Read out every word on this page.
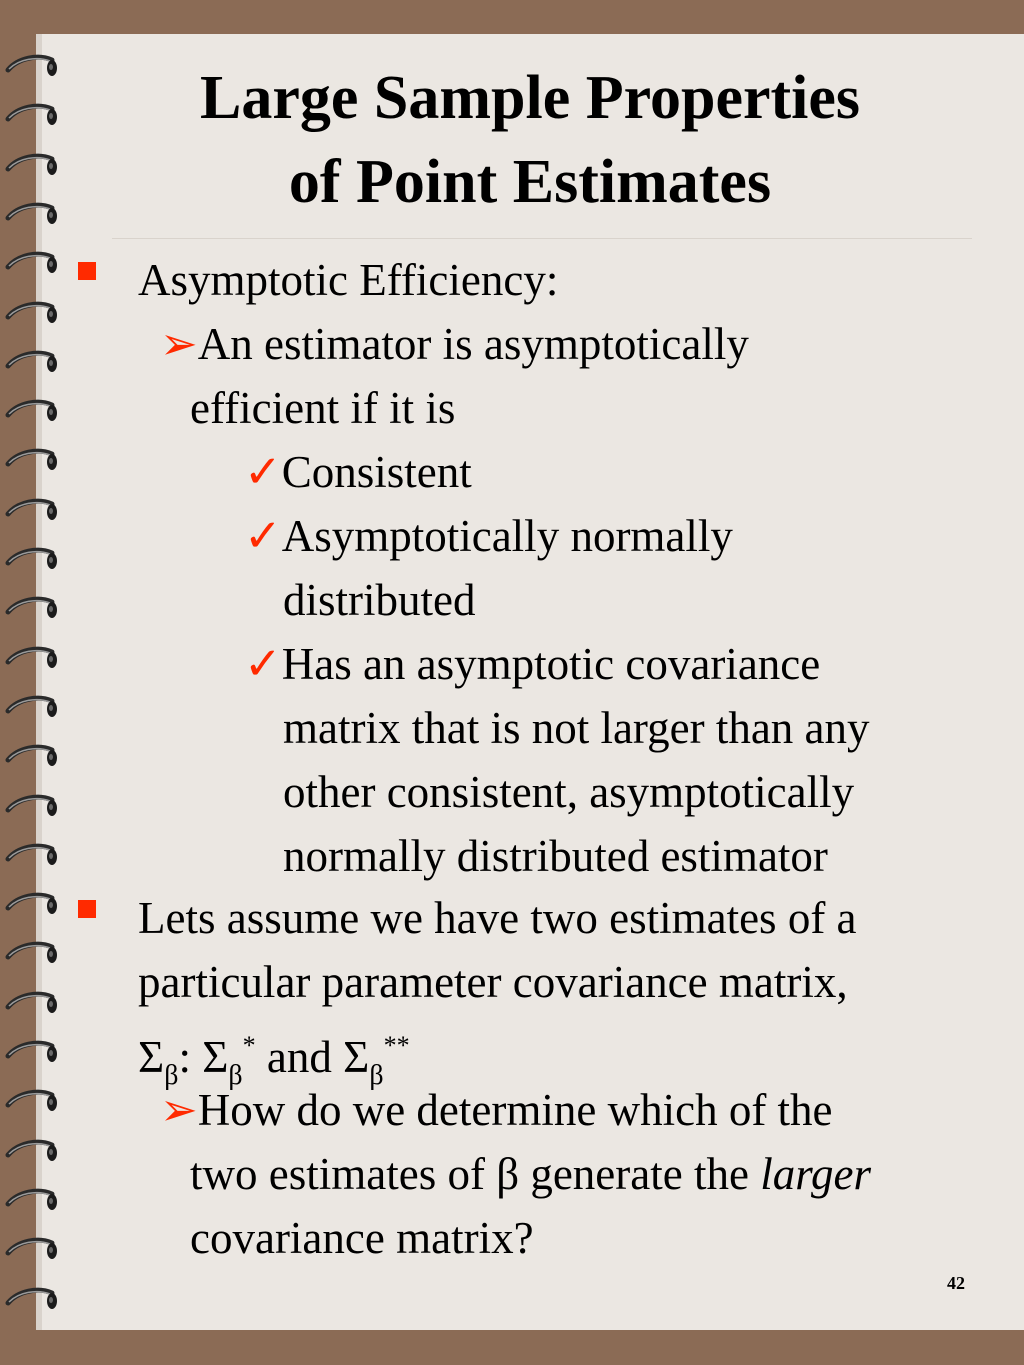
Large Sample Properties
of Point Estimates

Asymptotic Efficiency:

➢An estimator is asymptotically

efficient if it is

✓Consistent

✓Asymptotically normally

distributed

✓Has an asymptotic covariance

matrix that is not larger than any

other consistent, asymptotically

normally distributed estimator

Lets assume we have two estimates of a

particular parameter covariance matrix,

$\Sigma_\beta$: $\Sigma_\beta^*$ and $\Sigma_\beta^{**}$

➢How do we determine which of the

two estimates of β generate the larger

covariance matrix?

42
